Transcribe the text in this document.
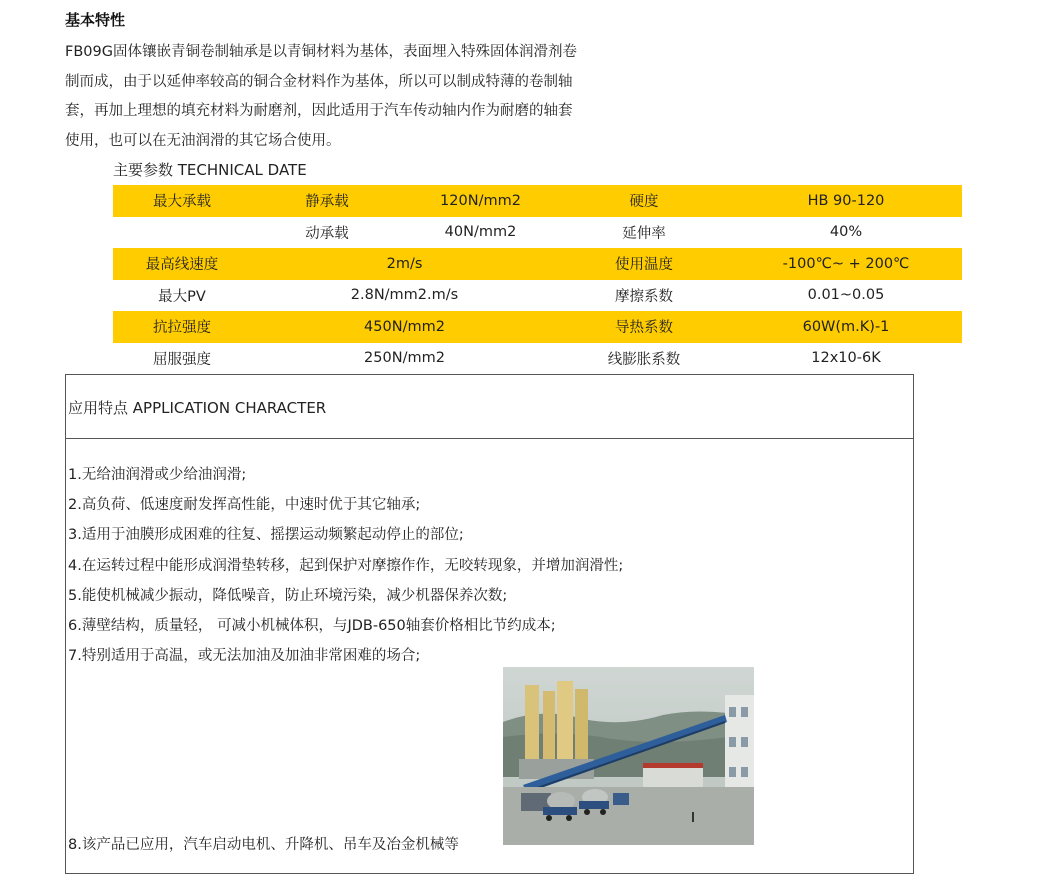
基本特性
FB09G固体镶嵌青铜卷制轴承是以青铜材料为基体，表面埋入特殊固体润滑剂卷
制而成，由于以延伸率较高的铜合金材料作为基体，所以可以制成特薄的卷制轴
套，再加上理想的填充材料为耐磨剂，因此适用于汽车传动轴内作为耐磨的轴套
使用，也可以在无油润滑的其它场合使用。
主要参数 TECHNICAL DATE
最大承载	静承载	120N/mm2	硬度	HB 90-120
	动承载	40N/mm2	延伸率	40%
最高线速度	2m/s		使用温度	-100℃~ + 200℃
最大PV	2.8N/mm2.m/s		摩擦系数	0.01~0.05
抗拉强度	450N/mm2		导热系数	60W(m.K)-1
屈服强度	250N/mm2		线膨胀系数	12x10-6K
应用特点 APPLICATION CHARACTER
1.无给油润滑或少给油润滑;
2.高负荷、低速度耐发挥高性能，中速时优于其它轴承;
3.适用于油膜形成困难的往复、摇摆运动频繁起动停止的部位;
4.在运转过程中能形成润滑垫转移，起到保护对摩擦作作，无咬转现象，并增加润滑性;
5.能使机械减少振动，降低噪音，防止环境污染，减少机器保养次数;
6.薄壁结构，质量轻， 可减小机械体积，与JDB-650轴套价格相比节约成本;
7.特别适用于高温，或无法加油及加油非常困难的场合;
8.该产品已应用，汽车启动电机、升降机、吊车及冶金机械等
